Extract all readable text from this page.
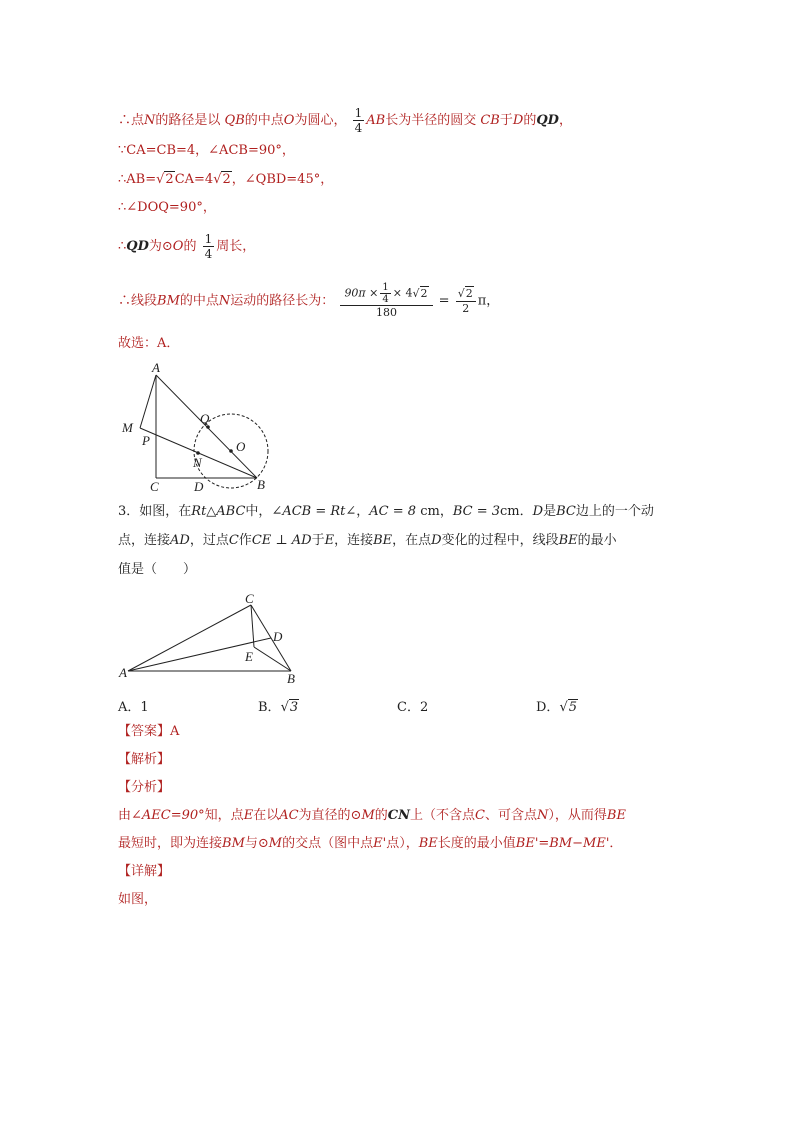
∴点N的路径是以 QB的中点O为圆心， $\frac{1}{4}$ AB长为半径的圆交 CB于D的QD，
∵CA=CB=4，∠ACB=90°，
∴AB=√2CA=4√2，∠QBD=45°，
∴∠DOQ=90°，
∴QD为⊙O的 $\frac{1}{4}$ 周长，
∴线段BM的中点N运动的路径长为： $\frac{90\pi \times \frac{1}{4} \times 4√2}{180} = \frac{√2}{2}$ π，
故选：A．
A
M
P
Q
O
N
C	D	B
3．如图，在Rt△ABC中，∠ACB = Rt∠，AC = 8 cm，BC = 3cm．D是BC边上的一个动
点，连接AD，过点C作CE ⊥ AD于E，连接BE，在点D变化的过程中，线段BE的最小
值是（　　）
C
D
E
A	B
A．1	B．√3	C．2	D．√5
【答案】A
【解析】
【分析】
由∠AEC=90°知，点E在以AC为直径的⊙M的CN上（不含点C、可含点N），从而得BE
最短时，即为连接BM与⊙M的交点（图中点E'点），BE长度的最小值BE'=BM−ME'．
【详解】
如图，
